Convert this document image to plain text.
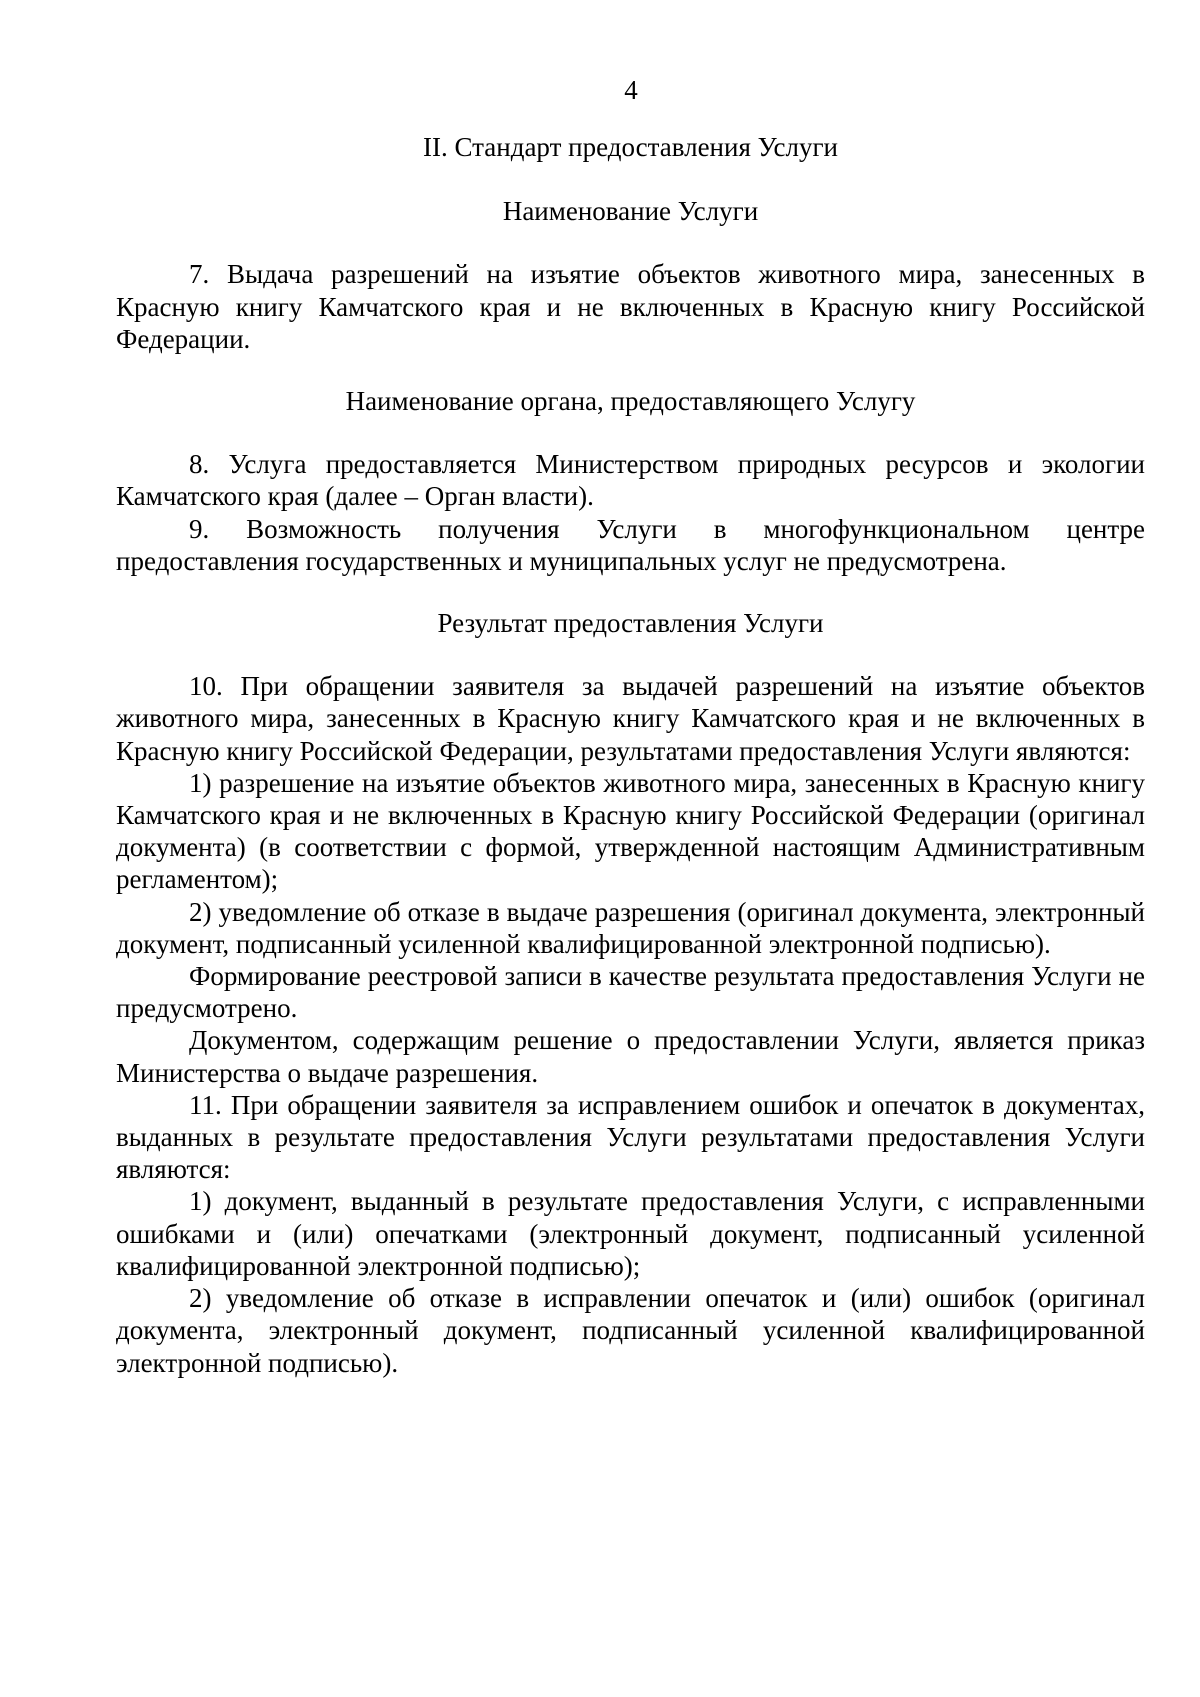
4
II. Стандарт предоставления Услуги
Наименование Услуги

7. Выдача разрешений на изъятие объектов животного мира, занесенных в Красную книгу Камчатского края и не включенных в Красную книгу Российской Федерации.

Наименование органа, предоставляющего Услугу

8. Услуга предоставляется Министерством природных ресурсов и экологии Камчатского края (далее – Орган власти).

9. Возможность получения Услуги в многофункциональном центре предоставления государственных и муниципальных услуг не предусмотрена.

Результат предоставления Услуги

10. При обращении заявителя за выдачей разрешений на изъятие объектов животного мира, занесенных в Красную книгу Камчатского края и не включенных в Красную книгу Российской Федерации, результатами предоставления Услуги являются:

1) разрешение на изъятие объектов животного мира, занесенных в Красную книгу Камчатского края и не включенных в Красную книгу Российской Федерации (оригинал документа) (в соответствии с формой, утвержденной настоящим Административным регламентом);

2) уведомление об отказе в выдаче разрешения (оригинал документа, электронный документ, подписанный усиленной квалифицированной электронной подписью).

Формирование реестровой записи в качестве результата предоставления Услуги не предусмотрено.

Документом, содержащим решение о предоставлении Услуги, является приказ Министерства о выдаче разрешения.

11. При обращении заявителя за исправлением ошибок и опечаток в документах, выданных в результате предоставления Услуги результатами предоставления Услуги являются:

1) документ, выданный в результате предоставления Услуги, с исправленными ошибками и (или) опечатками (электронный документ, подписанный усиленной квалифицированной электронной подписью);

2) уведомление об отказе в исправлении опечаток и (или) ошибок (оригинал документа, электронный документ, подписанный усиленной квалифицированной электронной подписью).
